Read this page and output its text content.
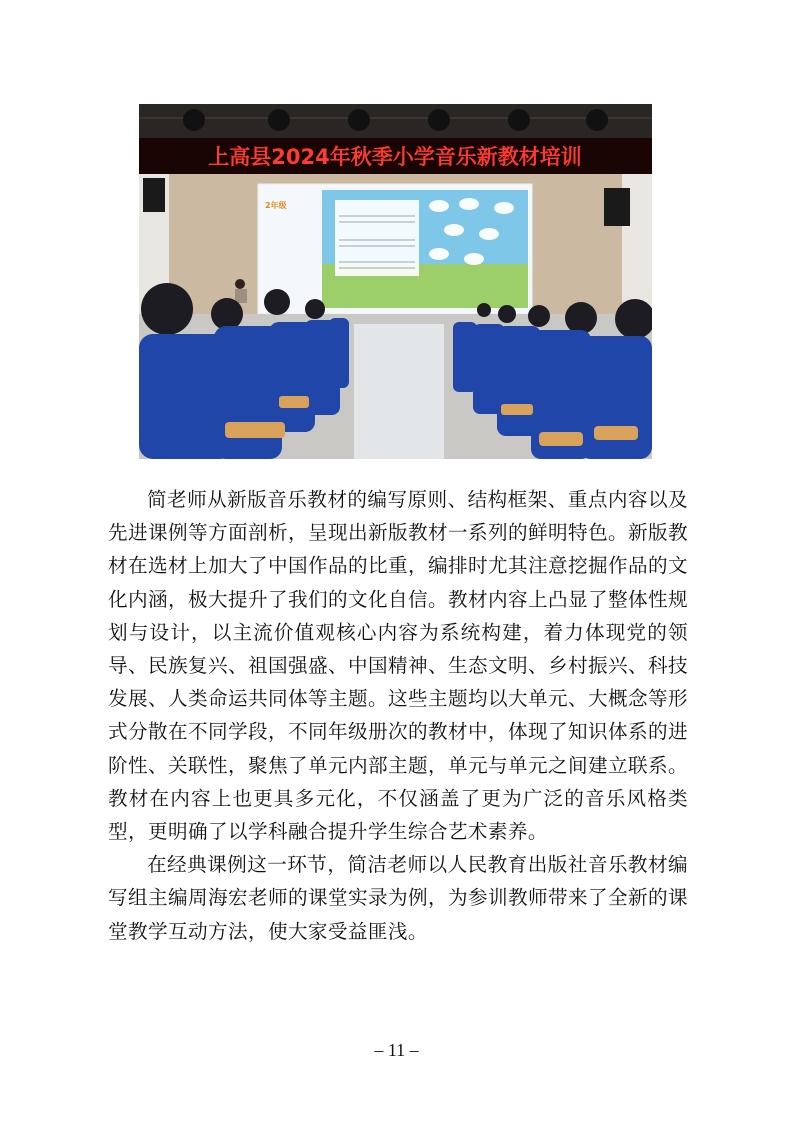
上高县2024年秋季小学音乐新教材培训
2年级

简老师从新版音乐教材的编写原则、结构框架、重点内容以及先进课例等方面剖析，呈现出新版教材一系列的鲜明特色。新版教材在选材上加大了中国作品的比重，编排时尤其注意挖掘作品的文化内涵，极大提升了我们的文化自信。教材内容上凸显了整体性规划与设计，以主流价值观核心内容为系统构建，着力体现党的领导、民族复兴、祖国强盛、中国精神、生态文明、乡村振兴、科技发展、人类命运共同体等主题。这些主题均以大单元、大概念等形式分散在不同学段，不同年级册次的教材中，体现了知识体系的进阶性、关联性，聚焦了单元内部主题，单元与单元之间建立联系。教材在内容上也更具多元化，不仅涵盖了更为广泛的音乐风格类型，更明确了以学科融合提升学生综合艺术素养。

在经典课例这一环节，简洁老师以人民教育出版社音乐教材编写组主编周海宏老师的课堂实录为例，为参训教师带来了全新的课堂教学互动方法，使大家受益匪浅。

– 11 –
